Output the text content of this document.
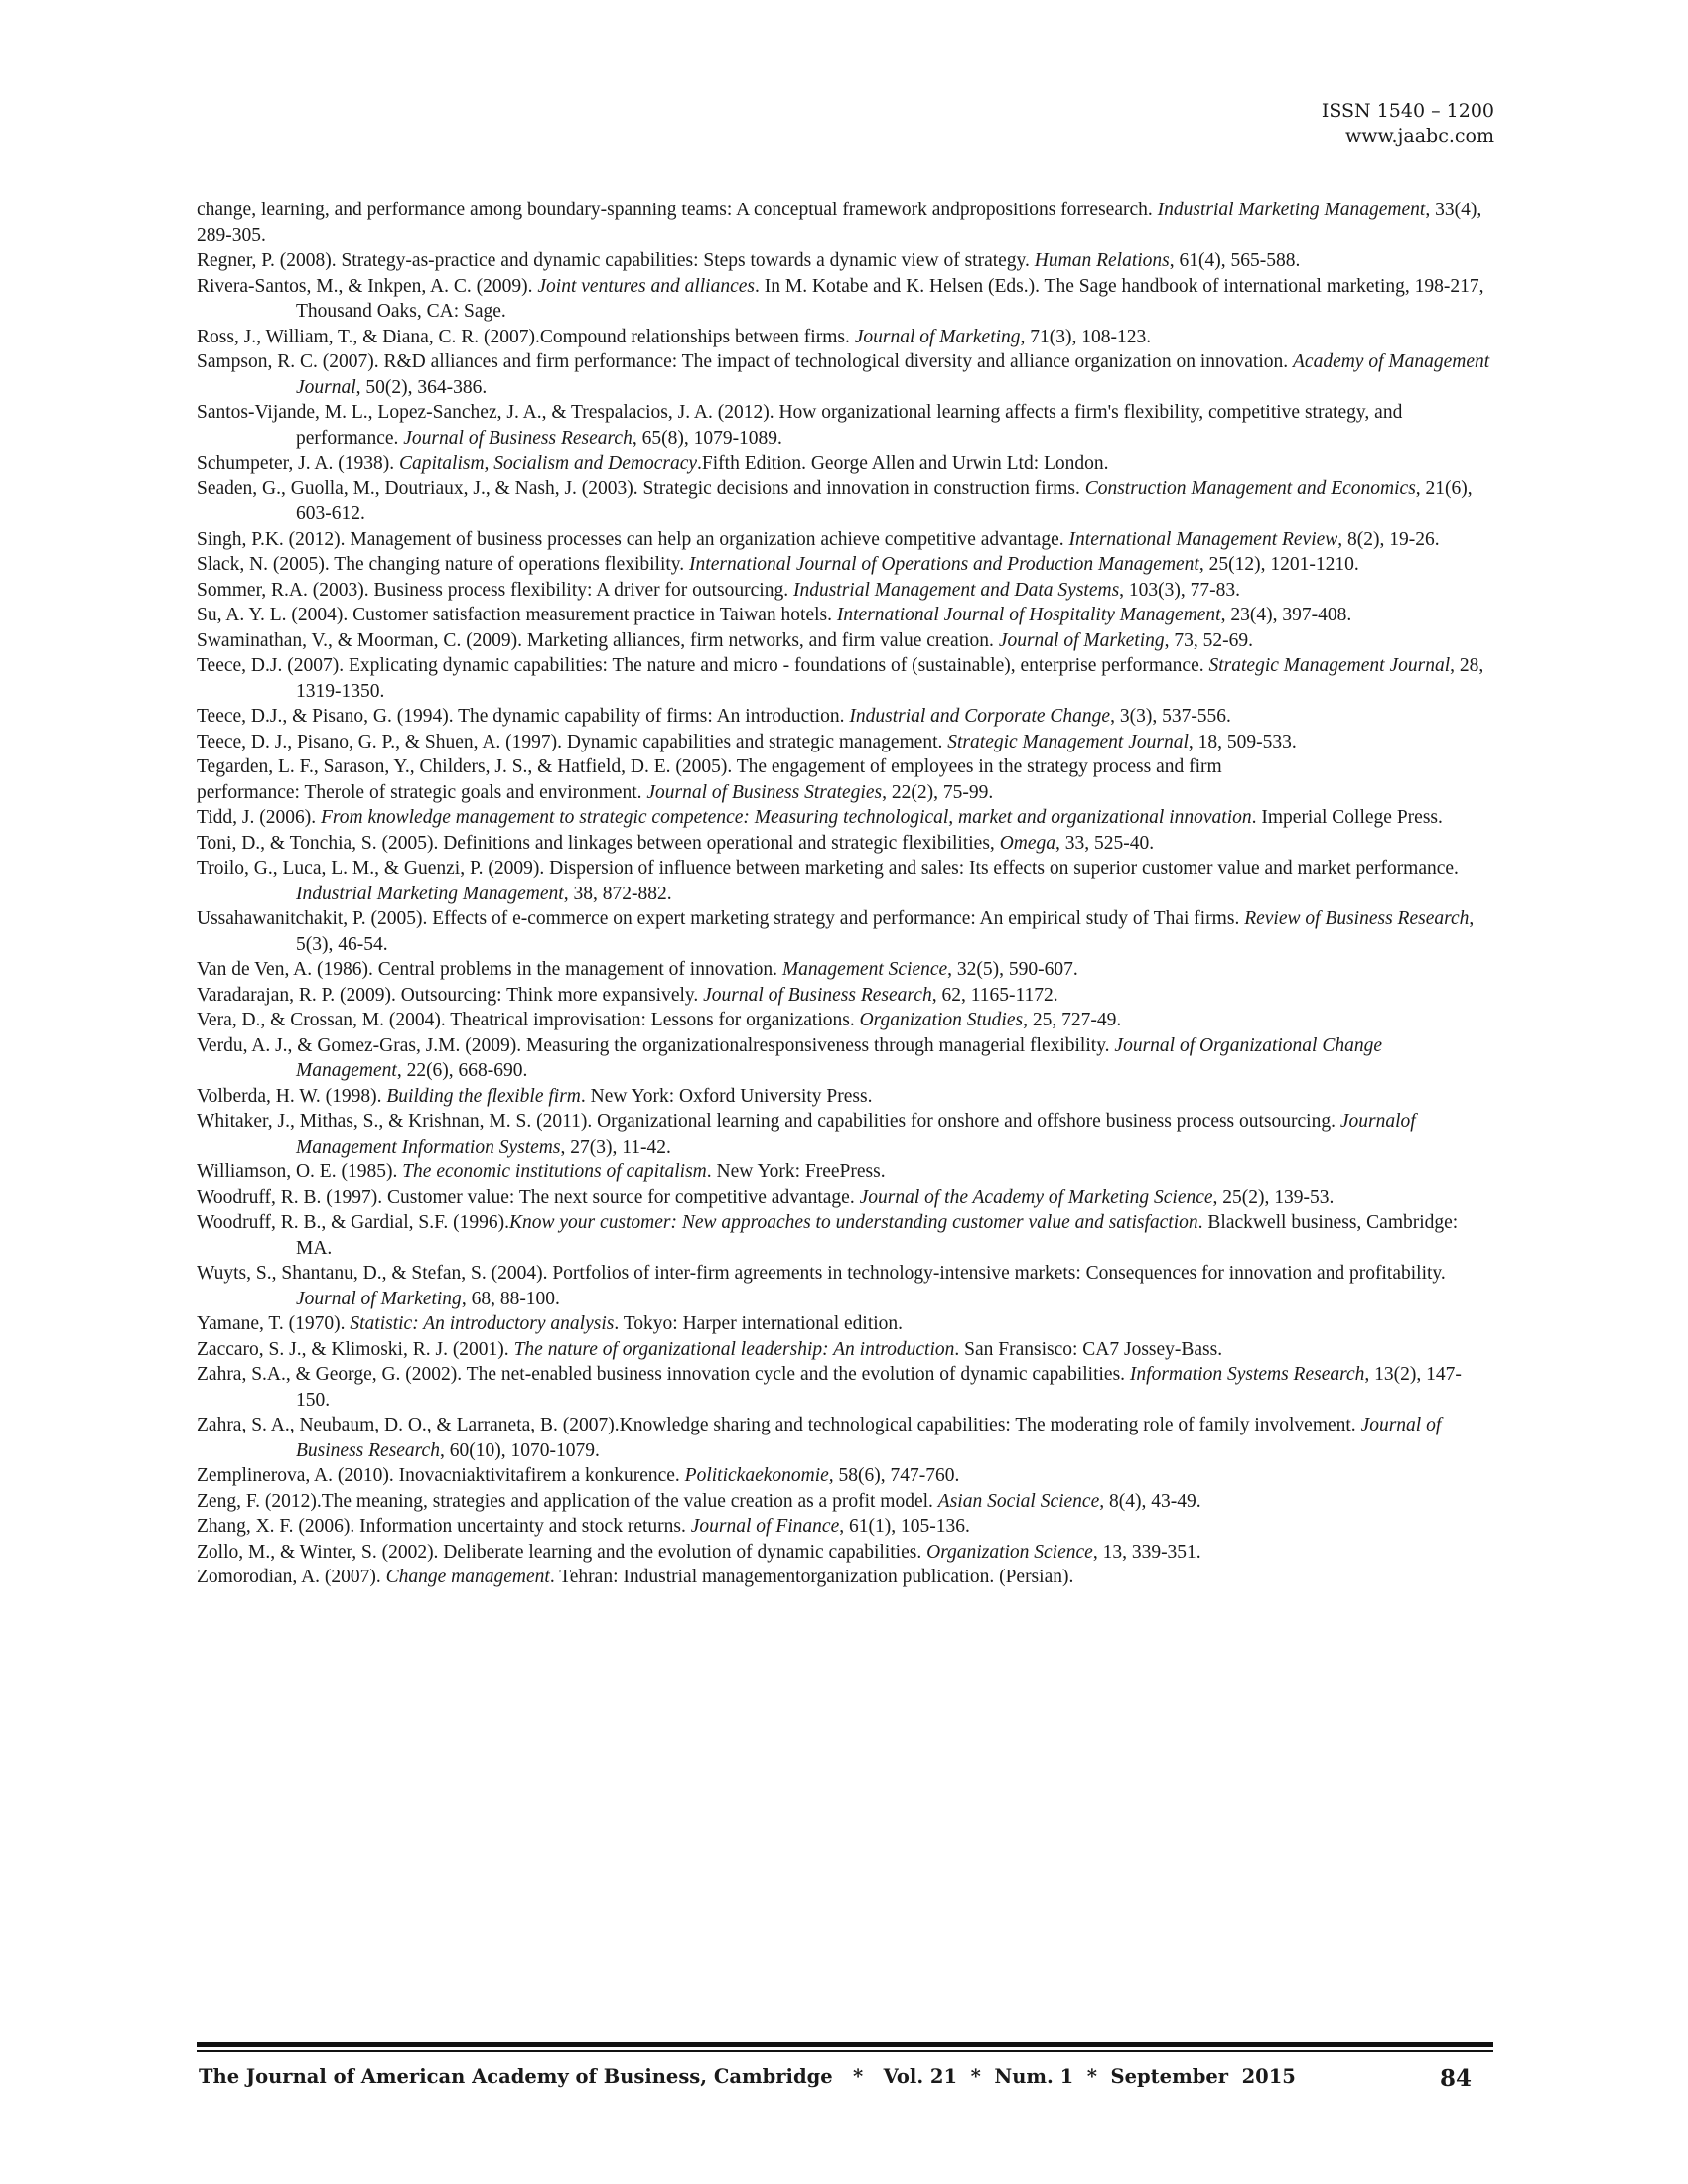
ISSN 1540 – 1200
www.jaabc.com

change, learning, and performance among boundary-spanning teams: A conceptual framework andpropositions forresearch. Industrial Marketing Management, 33(4), 289-305.

Regner, P. (2008). Strategy-as-practice and dynamic capabilities: Steps towards a dynamic view of strategy. Human Relations, 61(4), 565-588.

Rivera-Santos, M., & Inkpen, A. C. (2009). Joint ventures and alliances. In M. Kotabe and K. Helsen (Eds.). The Sage handbook of international marketing, 198-217, Thousand Oaks, CA: Sage.

Ross, J., William, T., & Diana, C. R. (2007).Compound relationships between firms. Journal of Marketing, 71(3), 108-123.

Sampson, R. C. (2007). R&D alliances and firm performance: The impact of technological diversity and alliance organization on innovation. Academy of Management Journal, 50(2), 364-386.

Santos-Vijande, M. L., Lopez-Sanchez, J. A., & Trespalacios, J. A. (2012). How organizational learning affects a firm's flexibility, competitive strategy, and performance. Journal of Business Research, 65(8), 1079-1089.

Schumpeter, J. A. (1938). Capitalism, Socialism and Democracy.Fifth Edition. George Allen and Urwin Ltd: London.

Seaden, G., Guolla, M., Doutriaux, J., & Nash, J. (2003). Strategic decisions and innovation in construction firms. Construction Management and Economics, 21(6), 603-612.

Singh, P.K. (2012). Management of business processes can help an organization achieve competitive advantage. International Management Review, 8(2), 19-26.

Slack, N. (2005). The changing nature of operations flexibility. International Journal of Operations and Production Management, 25(12), 1201-1210.

Sommer, R.A. (2003). Business process flexibility: A driver for outsourcing. Industrial Management and Data Systems, 103(3), 77-83.

Su, A. Y. L. (2004). Customer satisfaction measurement practice in Taiwan hotels. International Journal of Hospitality Management, 23(4), 397-408.

Swaminathan, V., & Moorman, C. (2009). Marketing alliances, firm networks, and firm value creation. Journal of Marketing, 73, 52-69.

Teece, D.J. (2007). Explicating dynamic capabilities: The nature and micro - foundations of (sustainable), enterprise performance. Strategic Management Journal, 28, 1319-1350.

Teece, D.J., & Pisano, G. (1994). The dynamic capability of firms: An introduction. Industrial and Corporate Change, 3(3), 537-556.

Teece, D. J., Pisano, G. P., & Shuen, A. (1997). Dynamic capabilities and strategic management. Strategic Management Journal, 18, 509-533.

Tegarden, L. F., Sarason, Y., Childers, J. S., & Hatfield, D. E. (2005). The engagement of employees in the strategy process and firm

performance: Therole of strategic goals and environment. Journal of Business Strategies, 22(2), 75-99.

Tidd, J. (2006). From knowledge management to strategic competence: Measuring technological, market and organizational innovation. Imperial College Press.

Toni, D., & Tonchia, S. (2005). Definitions and linkages between operational and strategic flexibilities, Omega, 33, 525-40.

Troilo, G., Luca, L. M., & Guenzi, P. (2009). Dispersion of influence between marketing and sales: Its effects on superior customer value and market performance. Industrial Marketing Management, 38, 872-882.

Ussahawanitchakit, P. (2005). Effects of e-commerce on expert marketing strategy and performance: An empirical study of Thai firms. Review of Business Research, 5(3), 46-54.

Van de Ven, A. (1986). Central problems in the management of innovation. Management Science, 32(5), 590-607.

Varadarajan, R. P. (2009). Outsourcing: Think more expansively. Journal of Business Research, 62, 1165-1172.

Vera, D., & Crossan, M. (2004). Theatrical improvisation: Lessons for organizations. Organization Studies, 25, 727-49.

Verdu, A. J., & Gomez-Gras, J.M. (2009). Measuring the organizationalresponsiveness through managerial flexibility. Journal of Organizational Change Management, 22(6), 668-690.

Volberda, H. W. (1998). Building the flexible firm. New York: Oxford University Press.

Whitaker, J., Mithas, S., & Krishnan, M. S. (2011). Organizational learning and capabilities for onshore and offshore business process outsourcing. Journalof Management Information Systems, 27(3), 11-42.

Williamson, O. E. (1985). The economic institutions of capitalism. New York: FreePress.

Woodruff, R. B. (1997). Customer value: The next source for competitive advantage. Journal of the Academy of Marketing Science, 25(2), 139-53.

Woodruff, R. B., & Gardial, S.F. (1996).Know your customer: New approaches to understanding customer value and satisfaction. Blackwell business, Cambridge: MA.

Wuyts, S., Shantanu, D., & Stefan, S. (2004). Portfolios of inter-firm agreements in technology-intensive markets: Consequences for innovation and profitability. Journal of Marketing, 68, 88-100.

Yamane, T. (1970). Statistic: An introductory analysis. Tokyo: Harper international edition.

Zaccaro, S. J., & Klimoski, R. J. (2001). The nature of organizational leadership: An introduction. San Fransisco: CA7 Jossey-Bass.

Zahra, S.A., & George, G. (2002). The net-enabled business innovation cycle and the evolution of dynamic capabilities. Information Systems Research, 13(2), 147-150.

Zahra, S. A., Neubaum, D. O., & Larraneta, B. (2007).Knowledge sharing and technological capabilities: The moderating role of family involvement. Journal of Business Research, 60(10), 1070-1079.

Zemplinerova, A. (2010). Inovacniaktivitafirem a konkurence. Politickaekonomie, 58(6), 747-760.

Zeng, F. (2012).The meaning, strategies and application of the value creation as a profit model. Asian Social Science, 8(4), 43-49.

Zhang, X. F. (2006). Information uncertainty and stock returns. Journal of Finance, 61(1), 105-136.

Zollo, M., & Winter, S. (2002). Deliberate learning and the evolution of dynamic capabilities. Organization Science, 13, 339-351.

Zomorodian, A. (2007). Change management. Tehran: Industrial managementorganization publication. (Persian).

The Journal of American Academy of Business, Cambridge   *   Vol. 21  *  Num. 1  *  September  2015	84
